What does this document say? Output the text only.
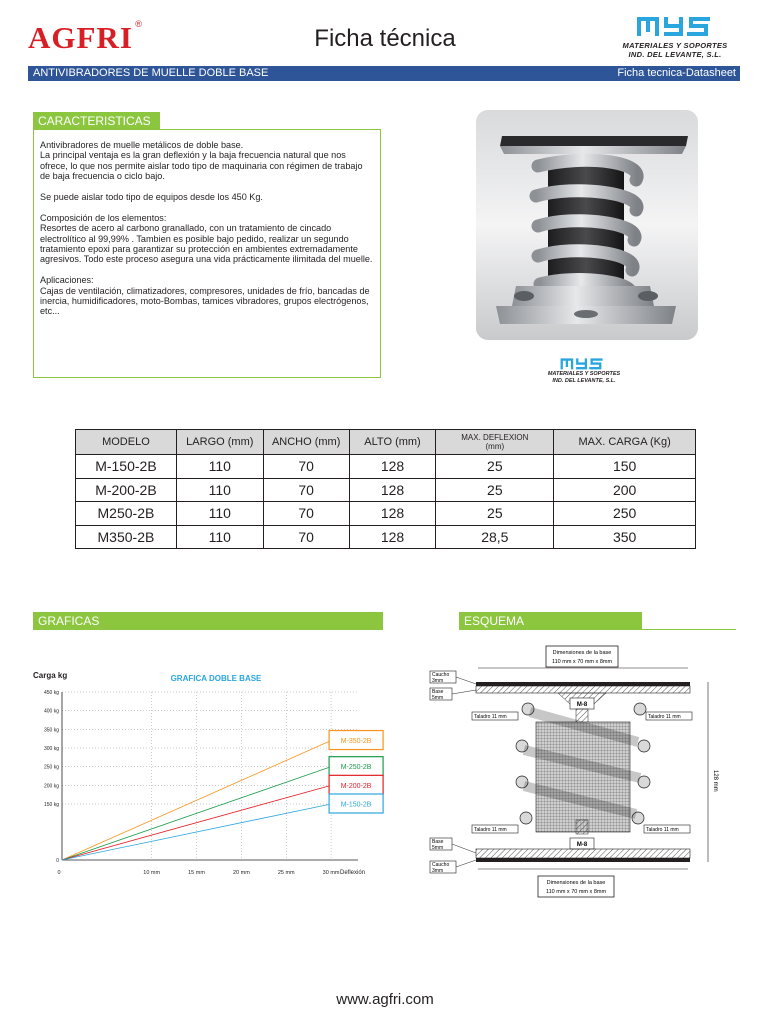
AGFRI ®
Ficha técnica
MYS
MATERIALES Y SOPORTES
IND. DEL LEVANTE, S.L.
ANTIVIBRADORES DE MUELLE DOBLE BASE	Ficha tecnica-Datasheet
CARACTERISTICAS

Antivibradores de muelle metálicos de doble base.
La principal ventaja es la gran deflexión y la baja frecuencia natural que nos ofrece, lo que nos permite aislar todo tipo de maquinaria con régimen de trabajo de baja frecuencia o ciclo bajo.

Se puede aislar todo tipo de equipos desde los 450 Kg.

Composición de los elementos:
Resortes de acero al carbono granallado, con un tratamiento de cincado electrolítico al 99,99% . Tambien es posible bajo pedido, realizar un segundo tratamiento epoxi para garantizar su protección en ambientes extremadamente agresivos. Todo este proceso asegura una vida prácticamente ilimitada del muelle.

Aplicaciones:
Cajas de ventilación, climatizadores, compresores, unidades de frío, bancadas de inercia, humidificadores, moto-Bombas, tamices vibradores, grupos electrógenos, etc...

MYS
MATERIALES Y SOPORTES
IND. DEL LEVANTE, S.L.
MODELO	LARGO (mm)	ANCHO (mm)	ALTO (mm)	MAX. DEFLEXION
(mm)	MAX. CARGA (Kg)
M-150-2B	110	70	128	25	150
M-200-2B	110	70	128	25	200
M250-2B	110	70	128	25	250
M350-2B	110	70	128	28,5	350
GRAFICAS
Carga kg	GRAFICA DOBLE BASE
0
150 kg
200 kg
250 kg
300 kg
350 kg
400 kg
450 kg
0	10 mm	15 mm	20 mm	25 mm	30 mm
M-350-2B
M-250-2B
M-200-2B
M-150-2B
Deflexión
ESQUEMA
Dimensiones de la base
110 mm x 70 mm x 8mm
M-8
M-8
Dimensiones de la base
110 mm x 70 mm x 8mm
128 mm
Caucho
3mm
Base
5mm
Taladro 11 mm	Taladro 11 mm
Taladro 11 mm	Taladro 11 mm
Base
5mm
Caucho
3mm
www.agfri.com
